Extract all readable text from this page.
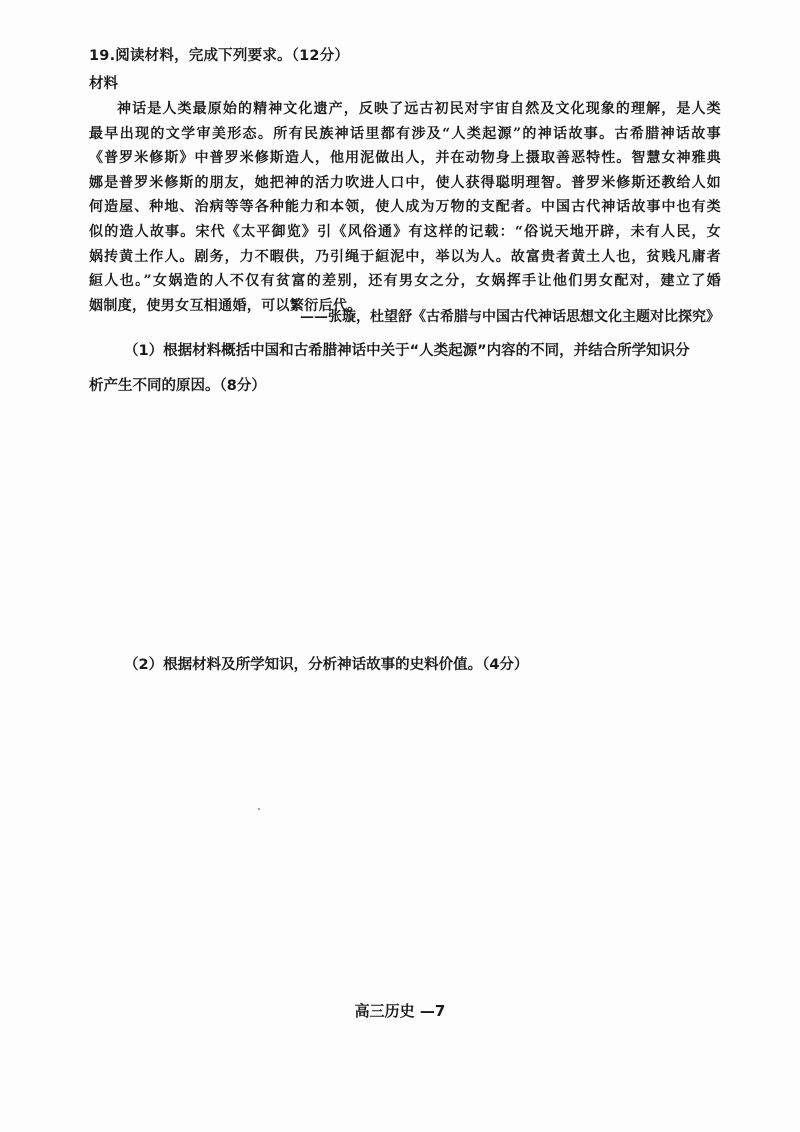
19.阅读材料，完成下列要求。（12分）
材料
神话是人类最原始的精神文化遗产，反映了远古初民对宇宙自然及文化现象的理解，是人类
最早出现的文学审美形态。所有民族神话里都有涉及“人类起源”的神话故事。古希腊神话故事
《普罗米修斯》中普罗米修斯造人，他用泥做出人，并在动物身上摄取善恶特性。智慧女神雅典
娜是普罗米修斯的朋友，她把神的活力吹进人口中，使人获得聪明理智。普罗米修斯还教给人如
何造屋、种地、治病等等各种能力和本领，使人成为万物的支配者。中国古代神话故事中也有类
似的造人故事。宋代《太平御览》引《风俗通》有这样的记载：“俗说天地开辟，未有人民，女
娲抟黄土作人。剧务，力不暇供，乃引绳于絙泥中，举以为人。故富贵者黄土人也，贫贱凡庸者
絙人也。”女娲造的人不仅有贫富的差别，还有男女之分，女娲挥手让他们男女配对，建立了婚
姻制度，使男女互相通婚，可以繁衍后代。
——张璇，杜望舒《古希腊与中国古代神话思想文化主题对比探究》
（1）根据材料概括中国和古希腊神话中关于“人类起源”内容的不同，并结合所学知识分
析产生不同的原因。（8分）
（2）根据材料及所学知识，分析神话故事的史料价值。（4分）
高三历史 —7
